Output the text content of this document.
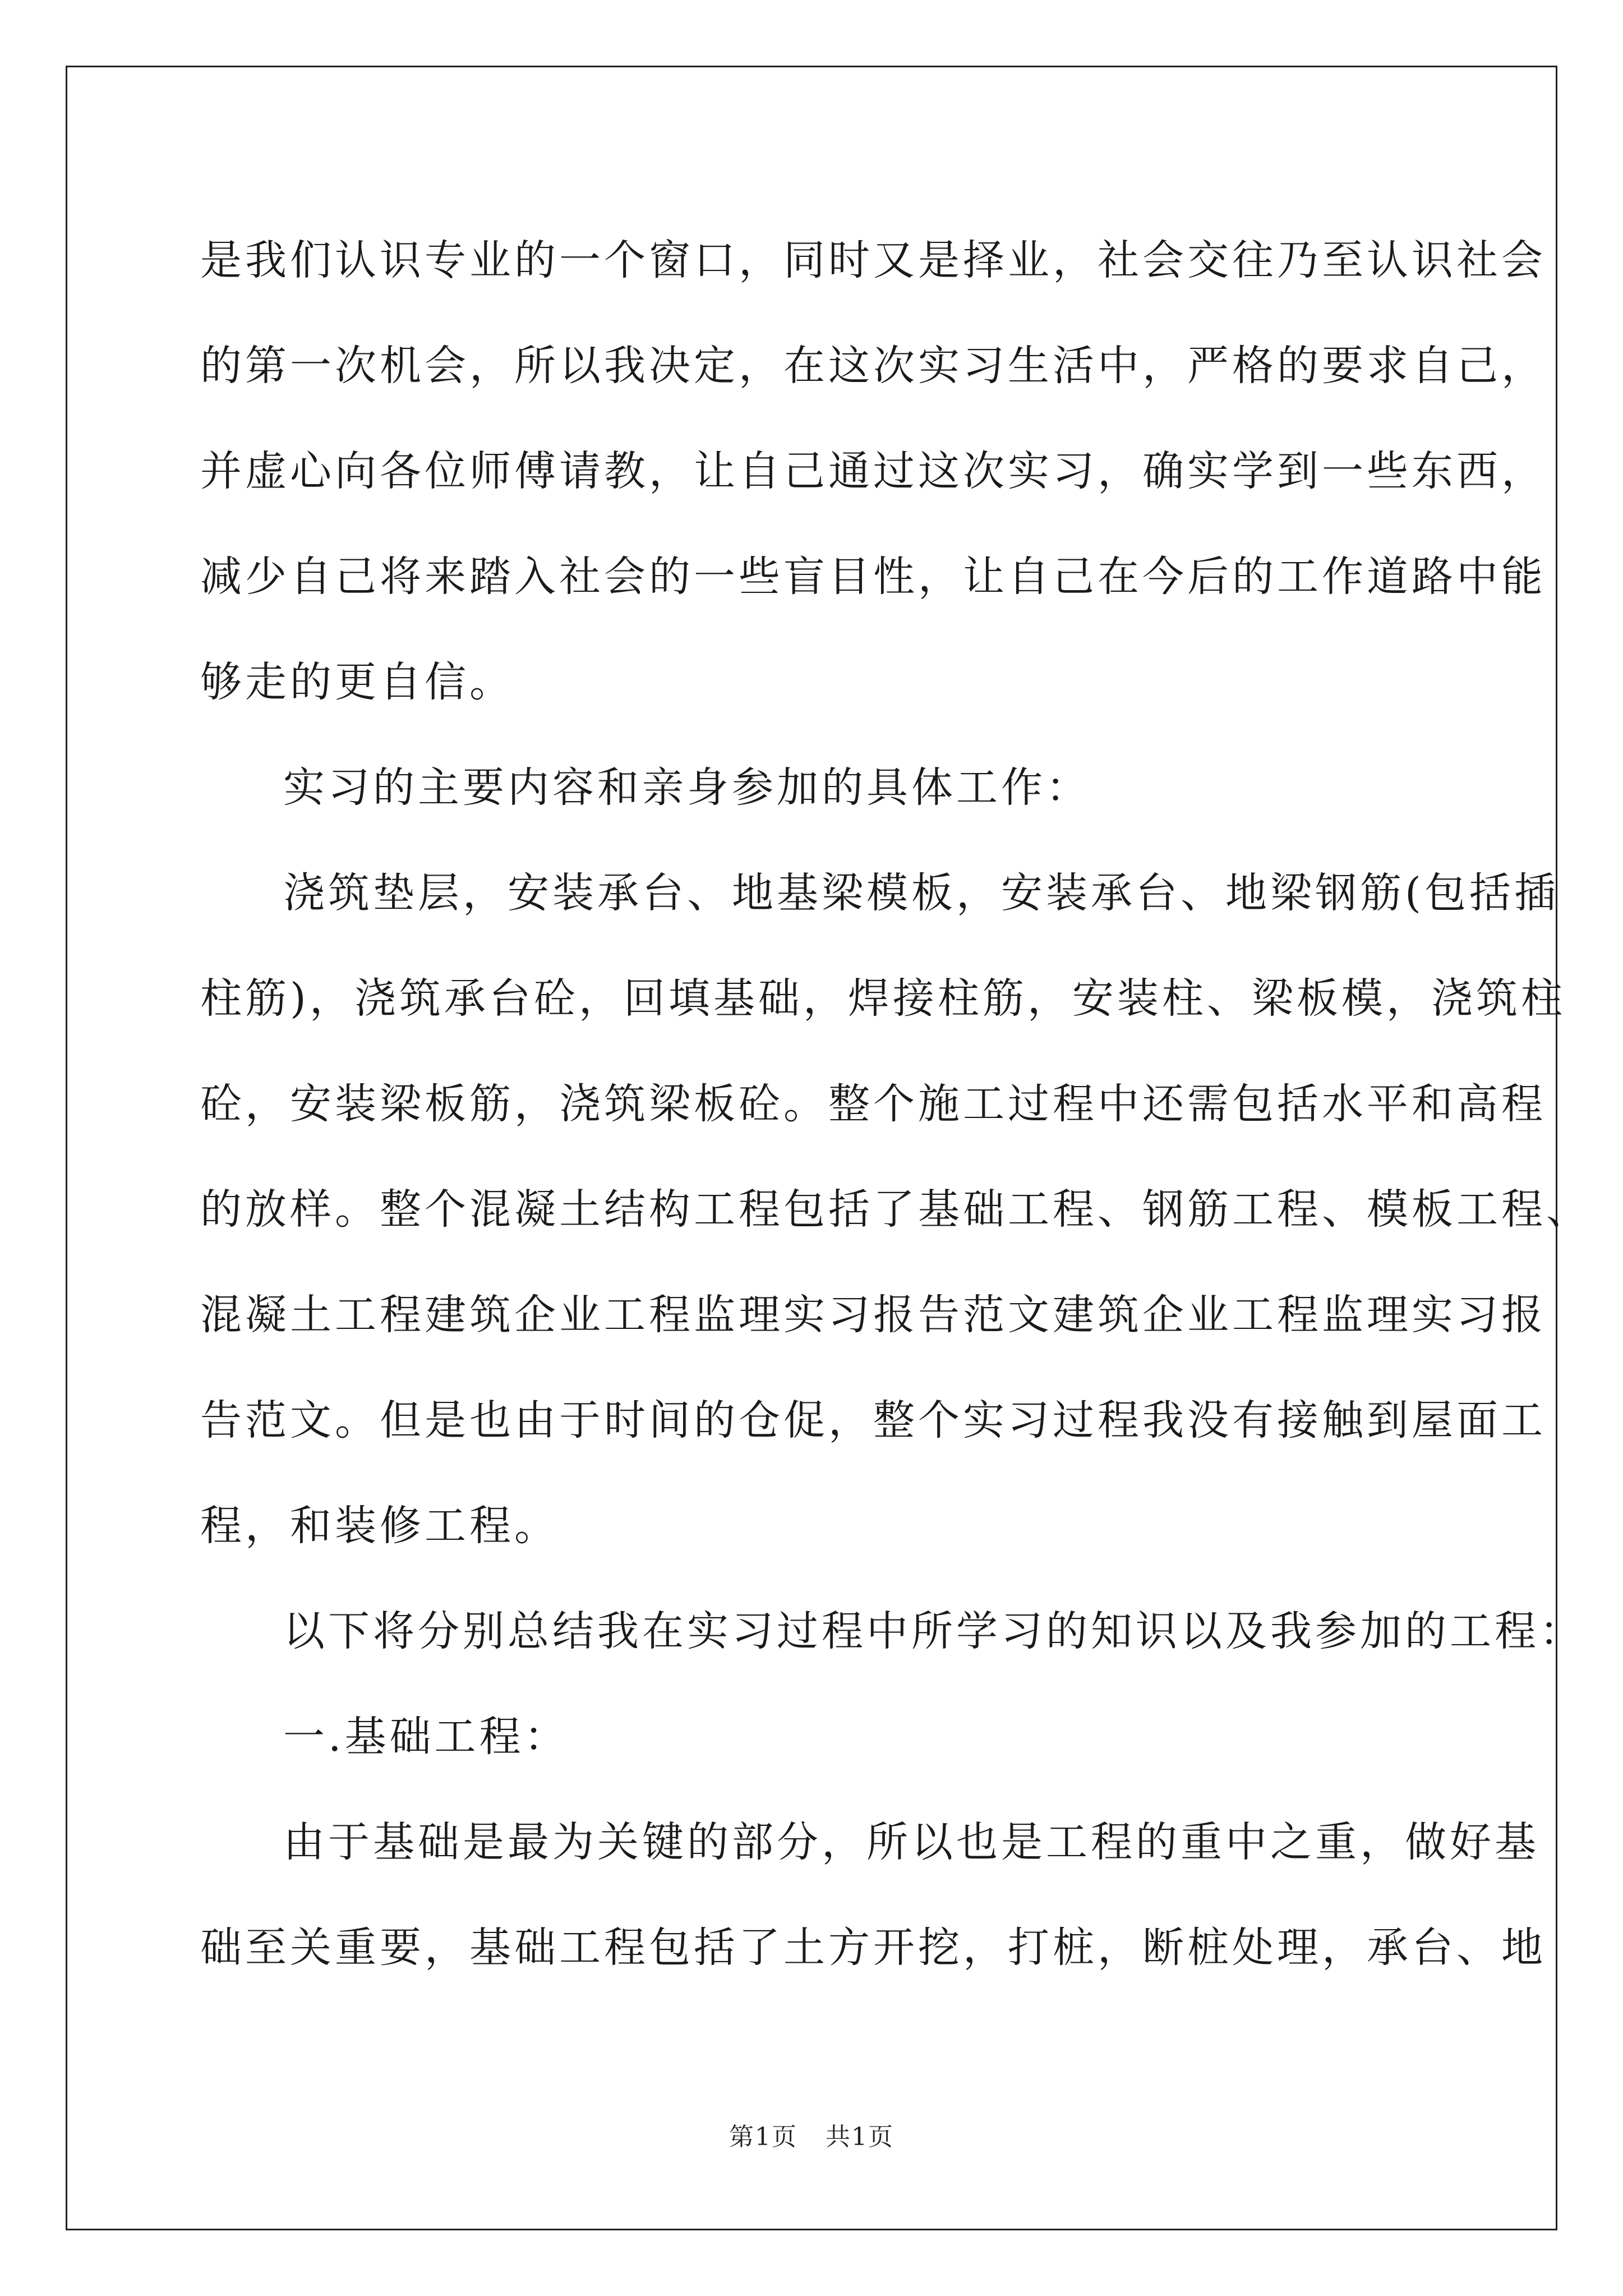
是我们认识专业的一个窗口，同时又是择业，社会交往乃至认识社会
的第一次机会，所以我决定，在这次实习生活中，严格的要求自己，
并虚心向各位师傅请教，让自己通过这次实习，确实学到一些东西，
减少自己将来踏入社会的一些盲目性，让自己在今后的工作道路中能
够走的更自信。
实习的主要内容和亲身参加的具体工作：
浇筑垫层，安装承台、地基梁模板，安装承台、地梁钢筋(包括插
柱筋)，浇筑承台砼，回填基础，焊接柱筋，安装柱、梁板模，浇筑柱
砼，安装梁板筋，浇筑梁板砼。整个施工过程中还需包括水平和高程
的放样。整个混凝土结构工程包括了基础工程、钢筋工程、模板工程、
混凝土工程建筑企业工程监理实习报告范文建筑企业工程监理实习报
告范文。但是也由于时间的仓促，整个实习过程我没有接触到屋面工
程，和装修工程。
以下将分别总结我在实习过程中所学习的知识以及我参加的工程：
一.基础工程：
由于基础是最为关键的部分，所以也是工程的重中之重，做好基
础至关重要，基础工程包括了土方开挖，打桩，断桩处理，承台、地
第1页 共1页
